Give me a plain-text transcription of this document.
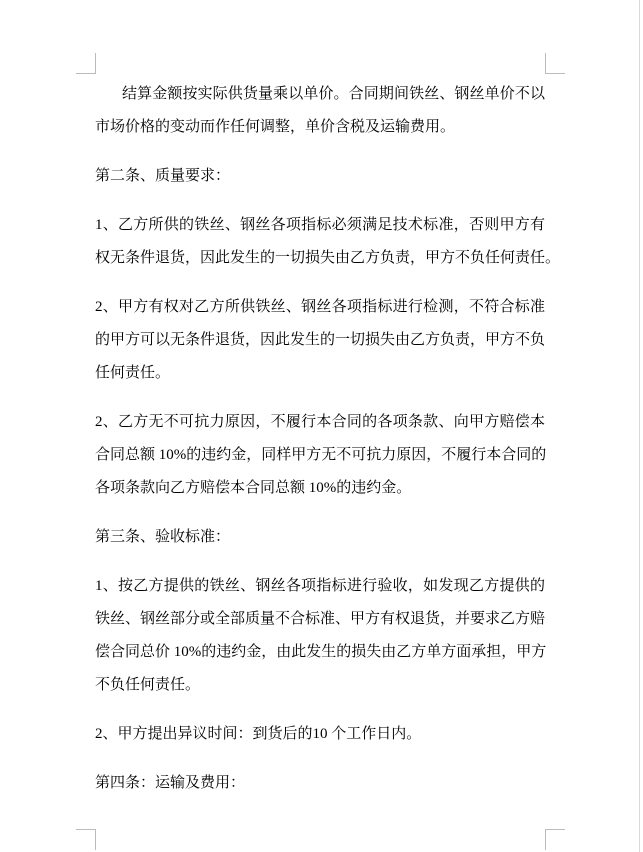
结算金额按实际供货量乘以单价。合同期间铁丝、钢丝单价不以
市场价格的变动而作任何调整，单价含税及运输费用。
第二条、质量要求：
1、乙方所供的铁丝、钢丝各项指标必须满足技术标准，否则甲方有
权无条件退货，因此发生的一切损失由乙方负责，甲方不负任何责任。
2、甲方有权对乙方所供铁丝、钢丝各项指标进行检测，不符合标准
的甲方可以无条件退货，因此发生的一切损失由乙方负责，甲方不负
任何责任。
2、乙方无不可抗力原因，不履行本合同的各项条款、向甲方赔偿本
合同总额 10%的违约金，同样甲方无不可抗力原因，不履行本合同的
各项条款向乙方赔偿本合同总额 10%的违约金。
第三条、验收标准：
1、按乙方提供的铁丝、钢丝各项指标进行验收，如发现乙方提供的
铁丝、钢丝部分或全部质量不合标准、甲方有权退货，并要求乙方赔
偿合同总价 10%的违约金，由此发生的损失由乙方单方面承担，甲方
不负任何责任。
2、甲方提出异议时间：到货后的10 个工作日内。
第四条：运输及费用：
